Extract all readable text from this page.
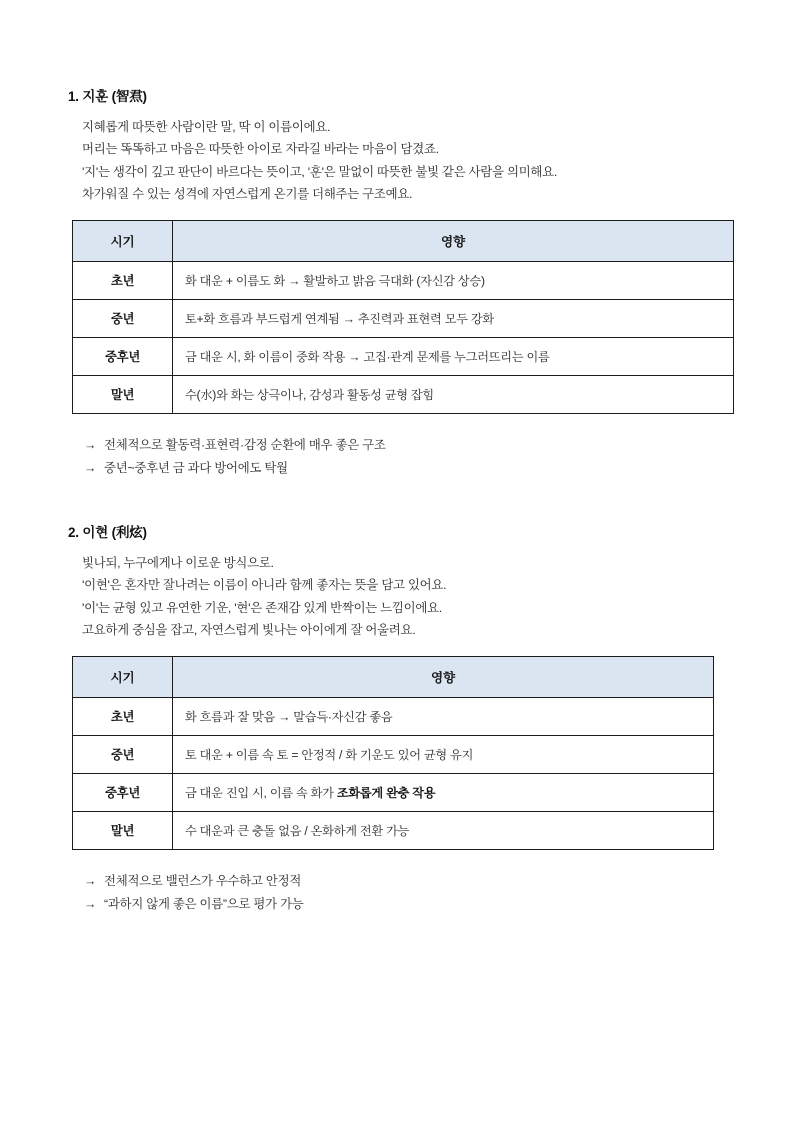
1. 지훈 (智焄)
지혜롭게 따뜻한 사람이란 말, 딱 이 이름이에요.
머리는 똑똑하고 마음은 따뜻한 아이로 자라길 바라는 마음이 담겼죠.
'지'는 생각이 깊고 판단이 바르다는 뜻이고, '훈'은 말없이 따뜻한 불빛 같은 사람을 의미해요.
차가워질 수 있는 성격에 자연스럽게 온기를 더해주는 구조예요.
시기	영향
초년	화 대운 + 이름도 화 → 활발하고 밝음 극대화 (자신감 상승)
중년	토+화 흐름과 부드럽게 연계됨 → 추진력과 표현력 모두 강화
중후년	금 대운 시, 화 이름이 중화 작용 → 고집·관계 문제를 누그러뜨리는 이름
말년	수(水)와 화는 상극이나, 감성과 활동성 균형 잡힘
→ 전체적으로 활동력·표현력·감정 순환에 매우 좋은 구조
→ 중년~중후년 금 과다 방어에도 탁월
2. 이현 (利炫)
빛나되, 누구에게나 이로운 방식으로.
'이현'은 혼자만 잘나려는 이름이 아니라 함께 좋자는 뜻을 담고 있어요.
'이'는 균형 있고 유연한 기운, '현'은 존재감 있게 반짝이는 느낌이에요.
고요하게 중심을 잡고, 자연스럽게 빛나는 아이에게 잘 어울려요.
시기	영향
초년	화 흐름과 잘 맞음 → 말습득·자신감 좋음
중년	토 대운 + 이름 속 토 = 안정적 / 화 기운도 있어 균형 유지
중후년	금 대운 진입 시, 이름 속 화가 조화롭게 완충 작용
말년	수 대운과 큰 충돌 없음 / 온화하게 전환 가능
→ 전체적으로 밸런스가 우수하고 안정적
→ “과하지 않게 좋은 이름”으로 평가 가능
